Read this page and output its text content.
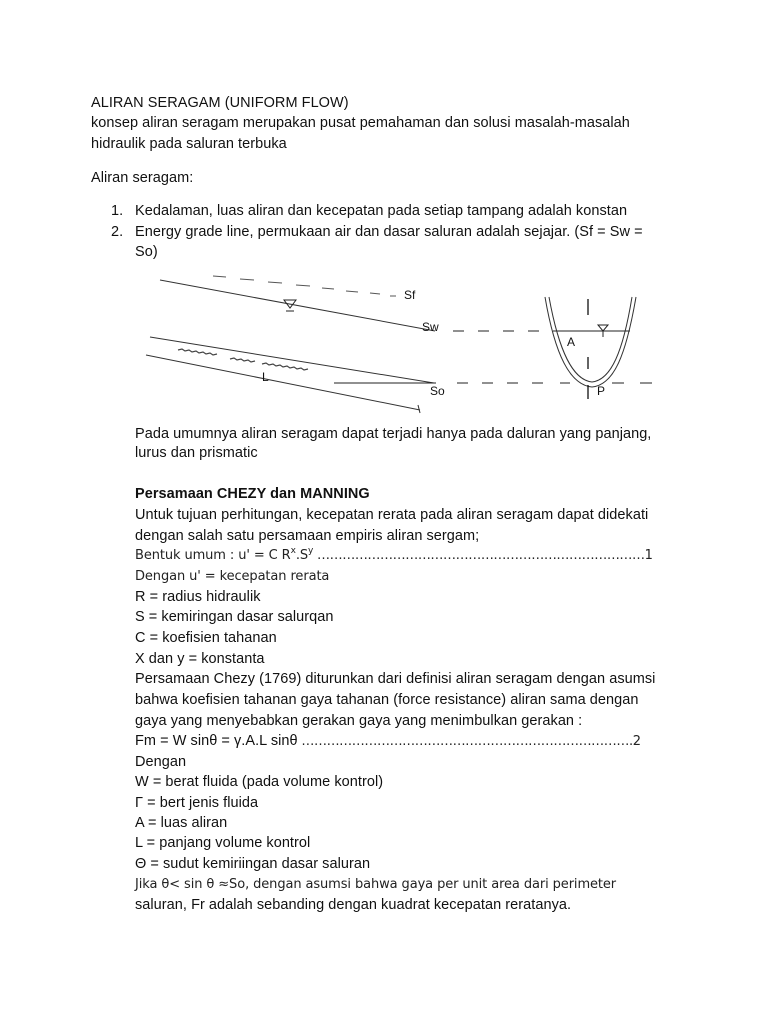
ALIRAN SERAGAM (UNIFORM FLOW)
konsep aliran seragam merupakan pusat pemahaman dan solusi masalah-masalah
hidraulik pada saluran terbuka
Aliran seragam:
1. Kedalaman, luas aliran dan kecepatan pada setiap tampang adalah konstan
2. Energy grade line, permukaan air dan dasar saluran adalah sejajar. (Sf = Sw =
So)
Sf
Sw
L
So
A
P
Pada umumnya aliran seragam dapat terjadi hanya pada daluran yang panjang,
lurus dan prismatic
Persamaan CHEZY dan MANNING
Untuk tujuan perhitungan, kecepatan rerata pada aliran seragam dapat didekati
dengan salah satu persamaan empiris aliran sergam;
Bentuk umum : u' = C $R^x.S^y$ ……………………………………………………………………1
Dengan u' = kecepatan rerata
R = radius hidraulik
S = kemiringan dasar salurqan
C = koefisien tahanan
X dan y = konstanta
Persamaan Chezy (1769) diturunkan dari definisi aliran seragam dengan asumsi
bahwa koefisien tahanan gaya tahanan (force resistance) aliran sama dengan
gaya yang menyebabkan gerakan gaya yang menimbulkan gerakan :
Fm = W sinθ = γ.A.L sinθ …………………………………………………………………….2
Dengan
W = berat fluida (pada volume kontrol)
Γ = bert jenis fluida
A = luas aliran
L = panjang volume kontrol
Θ = sudut kemiriingan dasar saluran
Jika θ< sin θ ≈So, dengan asumsi bahwa gaya per unit area dari perimeter
saluran, Fr adalah sebanding dengan kuadrat kecepatan reratanya.
